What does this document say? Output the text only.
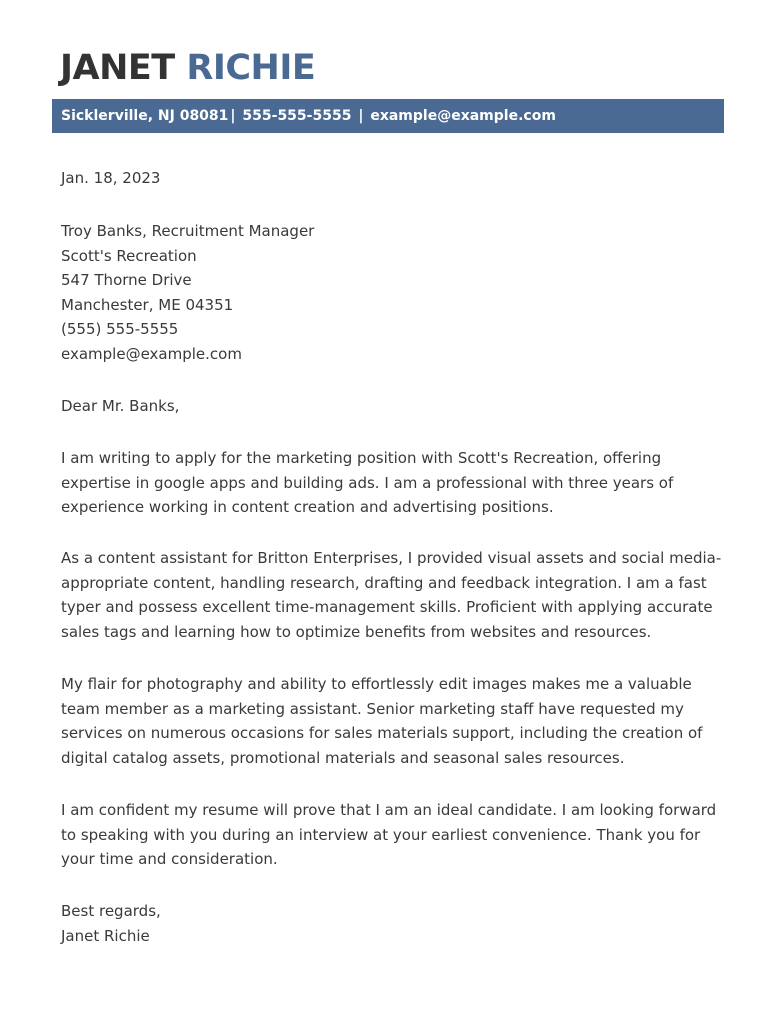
JANET RICHIE
Sicklerville, NJ 08081 | 555-555-5555 | example@example.com
Jan. 18, 2023
Troy Banks, Recruitment Manager
Scott's Recreation
547 Thorne Drive
Manchester, ME 04351
(555) 555-5555
example@example.com
Dear Mr. Banks,

I am writing to apply for the marketing position with Scott's Recreation, offering expertise in google apps and building ads. I am a professional with three years of experience working in content creation and advertising positions.

As a content assistant for Britton Enterprises, I provided visual assets and social media-appropriate content, handling research, drafting and feedback integration. I am a fast typer and possess excellent time-management skills. Proficient with applying accurate sales tags and learning how to optimize benefits from websites and resources.

My flair for photography and ability to effortlessly edit images makes me a valuable team member as a marketing assistant. Senior marketing staff have requested my services on numerous occasions for sales materials support, including the creation of digital catalog assets, promotional materials and seasonal sales resources.

I am confident my resume will prove that I am an ideal candidate. I am looking forward to speaking with you during an interview at your earliest convenience. Thank you for your time and consideration.

Best regards,
Janet Richie
